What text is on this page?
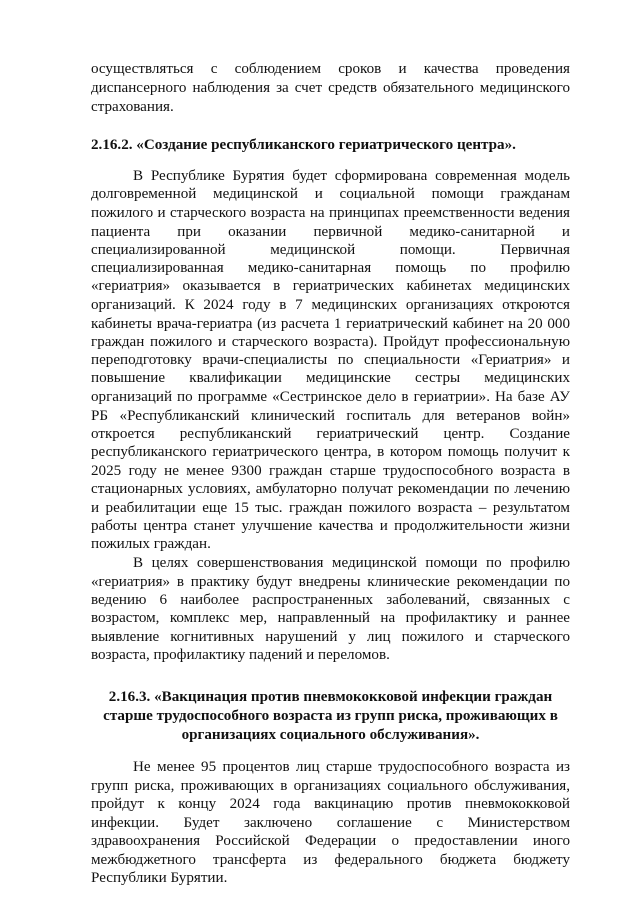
осуществляться с соблюдением сроков и качества проведения
диспансерного наблюдения за счет средств обязательного медицинского
страхования.
2.16.2. «Создание республиканского гериатрического центра».
В Республике Бурятия будет сформирована современная модель
долговременной медицинской и социальной помощи гражданам
пожилого и старческого возраста на принципах преемственности ведения
пациента при оказании первичной медико-санитарной и
специализированной медицинской помощи. Первичная
специализированная медико-санитарная помощь по профилю
«гериатрия» оказывается в гериатрических кабинетах медицинских
организаций. К 2024 году в 7 медицинских организациях откроются
кабинеты врача-гериатра (из расчета 1 гериатрический кабинет на 20 000
граждан пожилого и старческого возраста). Пройдут профессиональную
переподготовку врачи-специалисты по специальности «Гериатрия» и
повышение квалификации медицинские сестры медицинских
организаций по программе «Сестринское дело в гериатрии». На базе АУ
РБ «Республиканский клинический госпиталь для ветеранов войн»
откроется республиканский гериатрический центр. Создание
республиканского гериатрического центра, в котором помощь получит к
2025 году не менее 9300 граждан старше трудоспособного возраста в
стационарных условиях, амбулаторно получат рекомендации по лечению
и реабилитации еще 15 тыс. граждан пожилого возраста – результатом
работы центра станет улучшение качества и продолжительности жизни
пожилых граждан.
В целях совершенствования медицинской помощи по профилю
«гериатрия» в практику будут внедрены клинические рекомендации по
ведению 6 наиболее распространенных заболеваний, связанных с
возрастом, комплекс мер, направленный на профилактику и раннее
выявление когнитивных нарушений у лиц пожилого и старческого
возраста, профилактику падений и переломов.
2.16.3. «Вакцинация против пневмококковой инфекции граждан
старше трудоспособного возраста из групп риска, проживающих в
организациях социального обслуживания».
Не менее 95 процентов лиц старше трудоспособного возраста из
групп риска, проживающих в организациях социального обслуживания,
пройдут к концу 2024 года вакцинацию против пневмококковой
инфекции. Будет заключено соглашение с Министерством
здравоохранения Российской Федерации о предоставлении иного
межбюджетного трансферта из федерального бюджета бюджету
Республики Бурятии.
